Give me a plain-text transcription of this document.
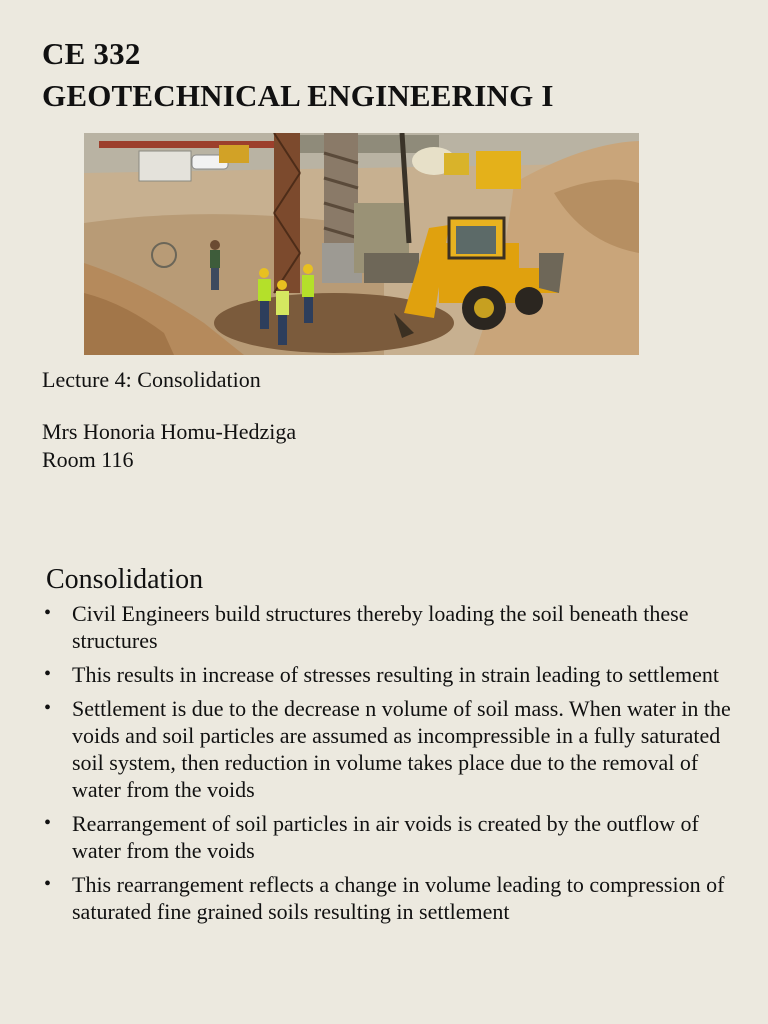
CE 332
GEOTECHNICAL ENGINEERING I
Lecture 4: Consolidation
Mrs Honoria Homu-Hedziga
Room 116
Consolidation
• Civil Engineers build structures thereby loading the soil beneath these structures
• This results in increase of stresses resulting in strain leading to settlement
• Settlement is due to the decrease n volume of soil mass. When water in the voids and soil particles are assumed as incompressible in a fully saturated soil system, then reduction in volume takes place due to the removal of water from the voids
• Rearrangement of soil particles in air voids is created by the outflow of water from the voids
• This rearrangement reflects a change in volume leading to compression of saturated fine grained soils resulting in settlement
